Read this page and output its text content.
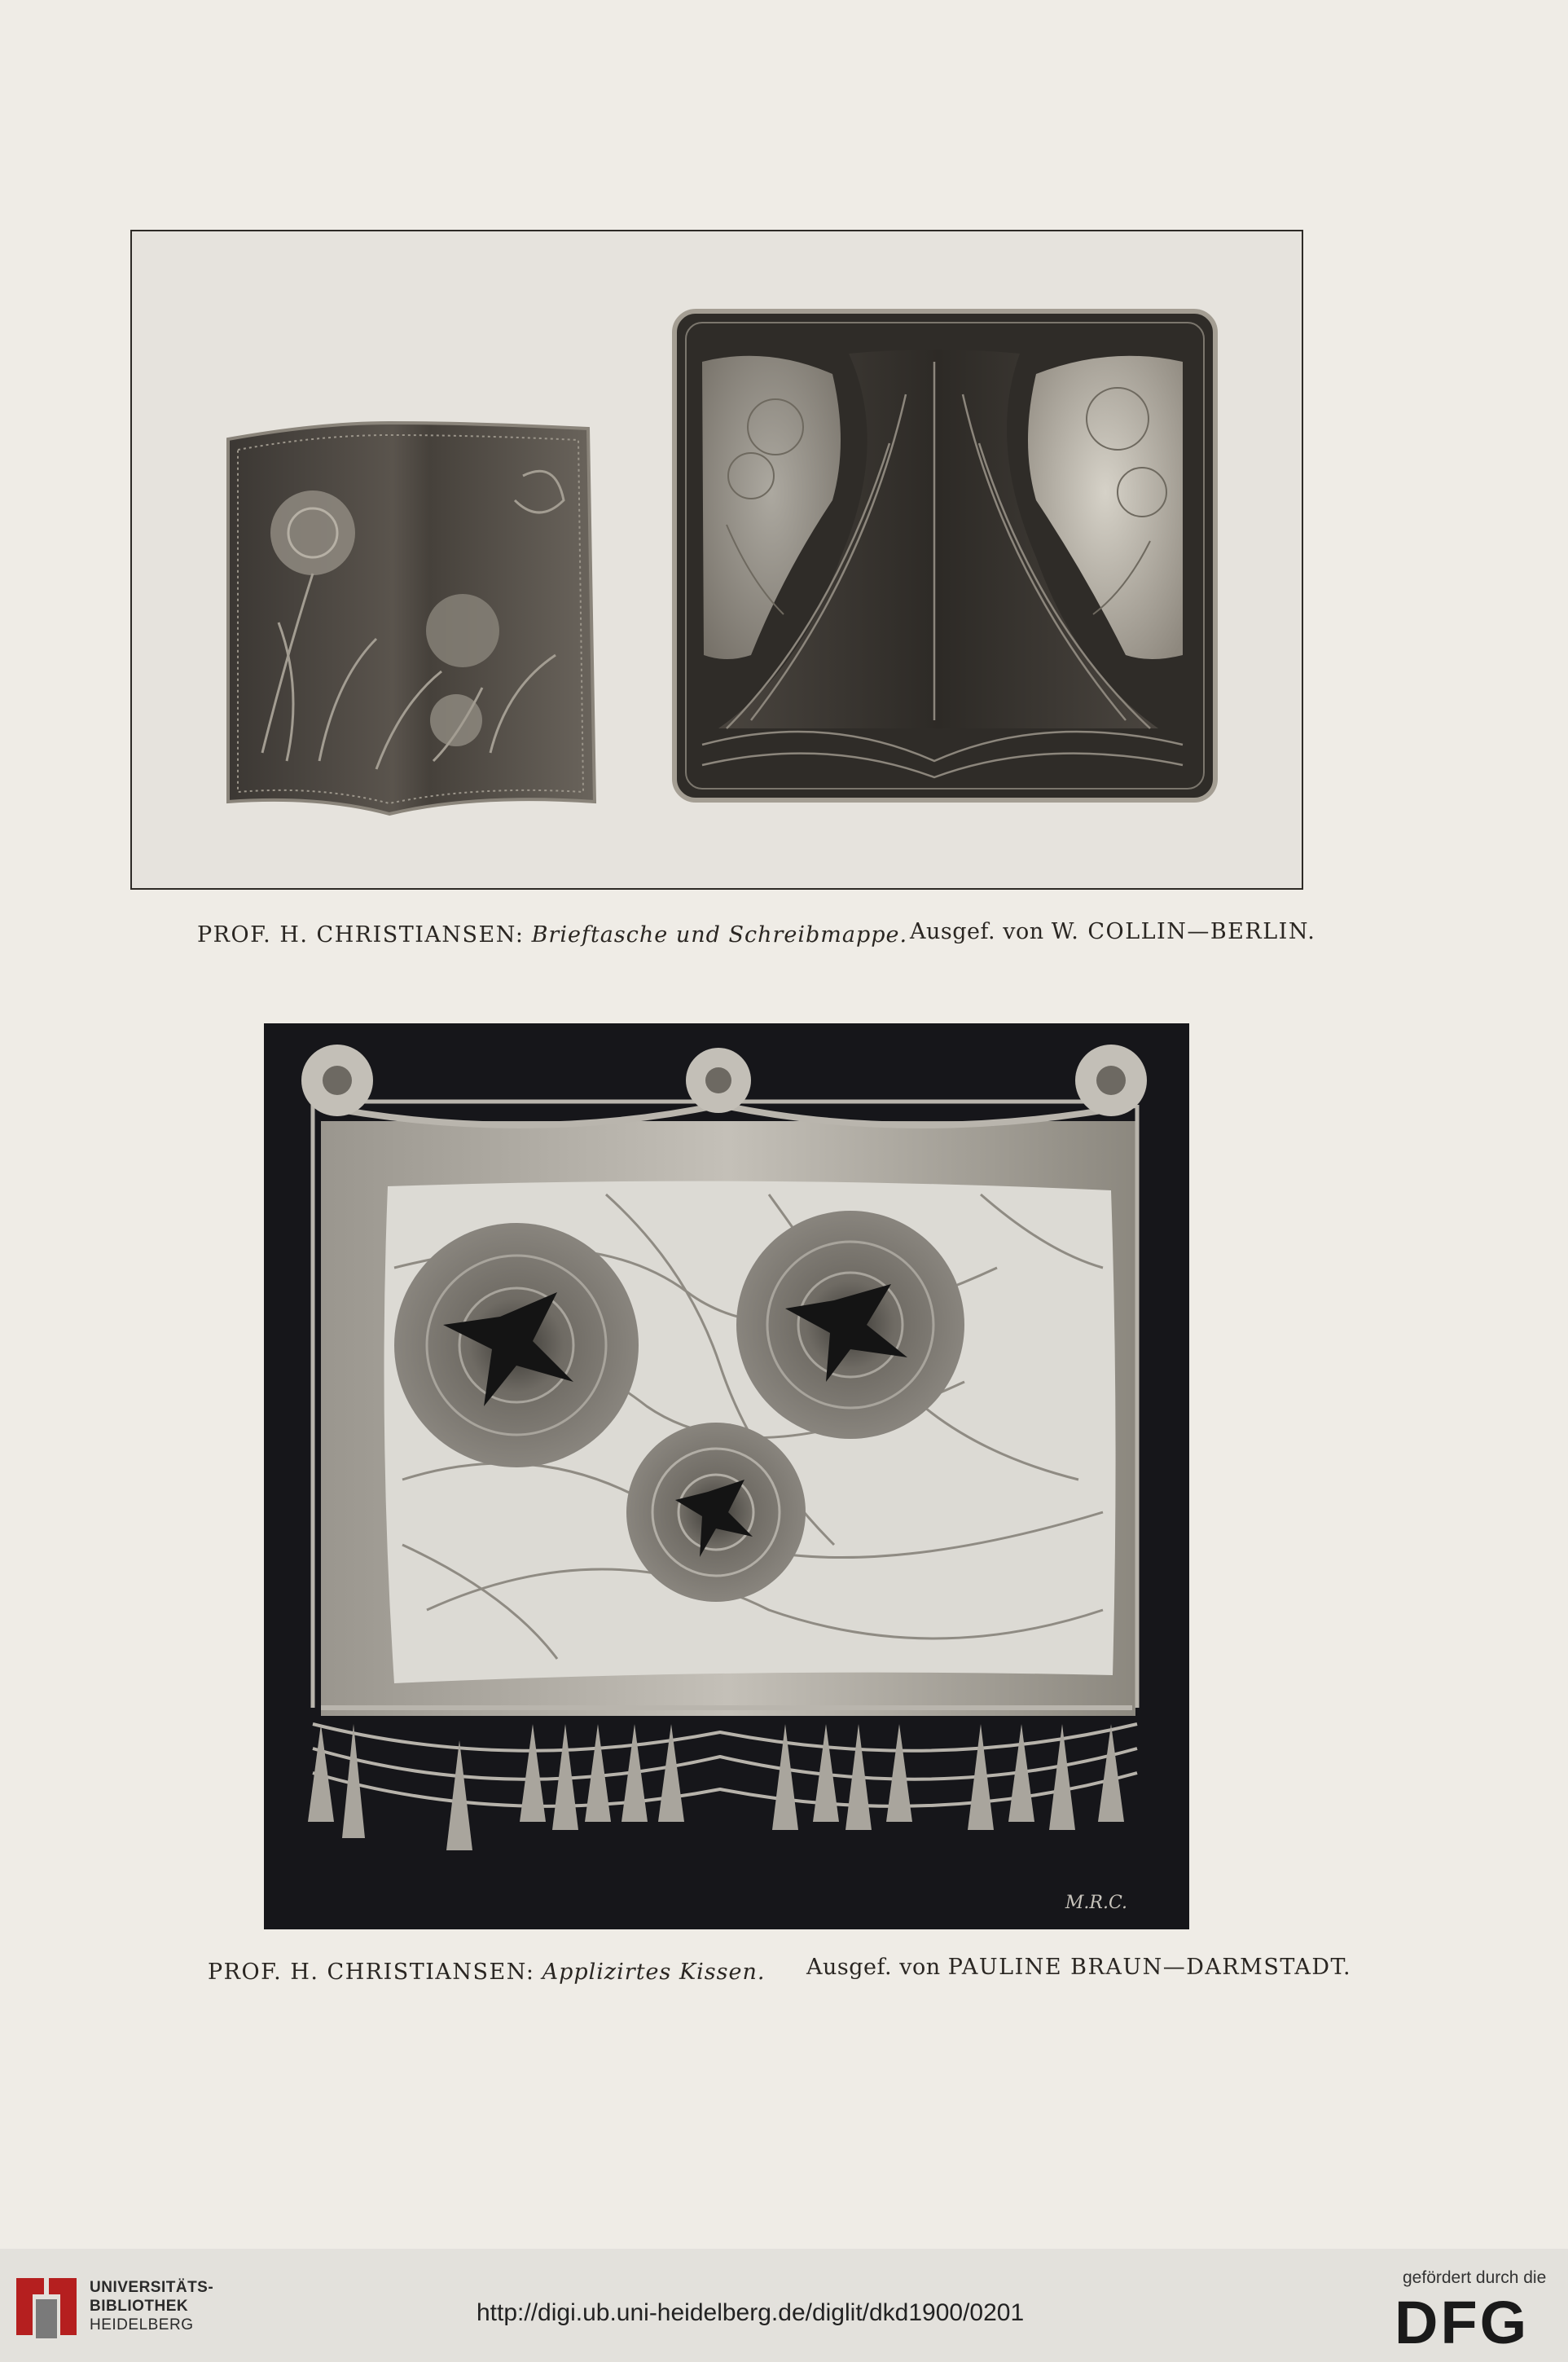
PROF. H. CHRISTIANSEN: Brieftasche und Schreibmappe. Ausgef. von W. COLLIN—BERLIN.
M.R.C.
PROF. H. CHRISTIANSEN: Applizirtes Kissen. Ausgef. von PAULINE BRAUN—DARMSTADT.
UNIVERSITÄTS-
BIBLIOTHEK
HEIDELBERG	http://digi.ub.uni-heidelberg.de/diglit/dkd1900/0201
gefördert durch die
DFG
